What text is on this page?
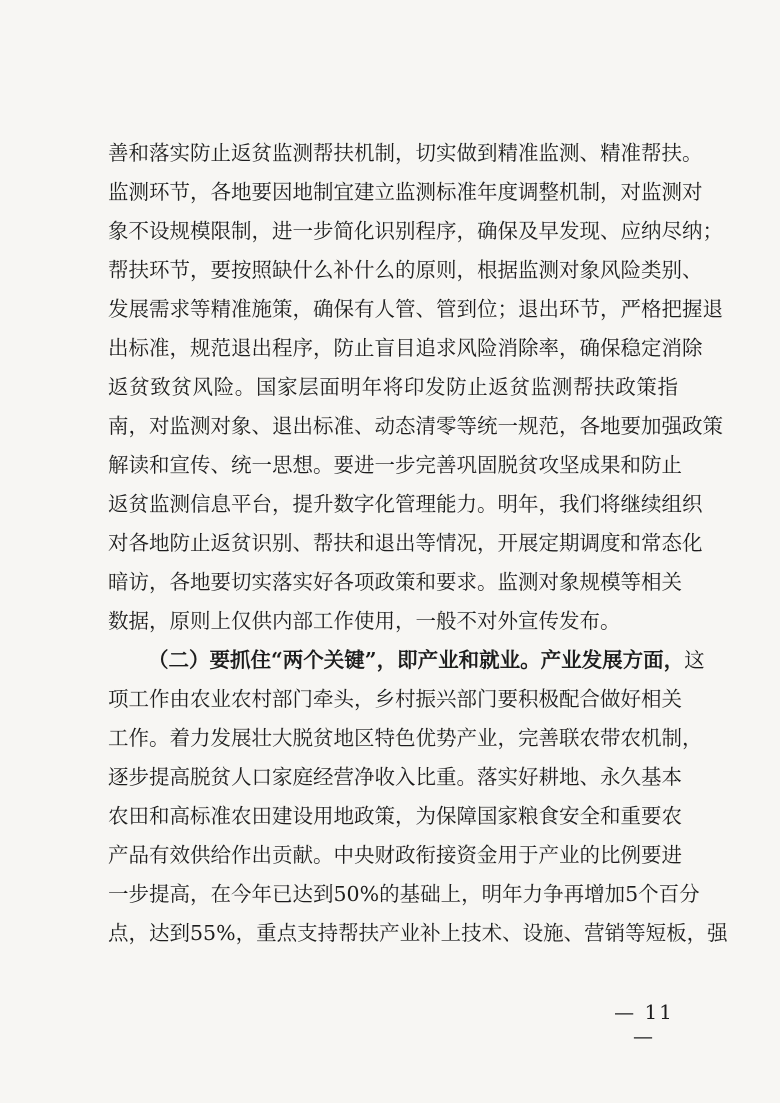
善和落实防止返贫监测帮扶机制，切实做到精准监测、精准帮扶。
监测环节，各地要因地制宜建立监测标准年度调整机制，对监测对
象不设规模限制，进一步简化识别程序，确保及早发现、应纳尽纳；
帮扶环节，要按照缺什么补什么的原则，根据监测对象风险类别、
发展需求等精准施策，确保有人管、管到位；退出环节，严格把握退
出标准，规范退出程序，防止盲目追求风险消除率，确保稳定消除
返贫致贫风险。国家层面明年将印发防止返贫监测帮扶政策指
南，对监测对象、退出标准、动态清零等统一规范，各地要加强政策
解读和宣传、统一思想。要进一步完善巩固脱贫攻坚成果和防止
返贫监测信息平台，提升数字化管理能力。明年，我们将继续组织
对各地防止返贫识别、帮扶和退出等情况，开展定期调度和常态化
暗访，各地要切实落实好各项政策和要求。监测对象规模等相关
数据，原则上仅供内部工作使用，一般不对外宣传发布。
（二）要抓住“两个关键”，即产业和就业。产业发展方面，这
项工作由农业农村部门牵头，乡村振兴部门要积极配合做好相关
工作。着力发展壮大脱贫地区特色优势产业，完善联农带农机制，
逐步提高脱贫人口家庭经营净收入比重。落实好耕地、永久基本
农田和高标准农田建设用地政策，为保障国家粮食安全和重要农
产品有效供给作出贡献。中央财政衔接资金用于产业的比例要进
一步提高，在今年已达到50%的基础上，明年力争再增加5个百分
点，达到55%，重点支持帮扶产业补上技术、设施、营销等短板，强
— 11 —
